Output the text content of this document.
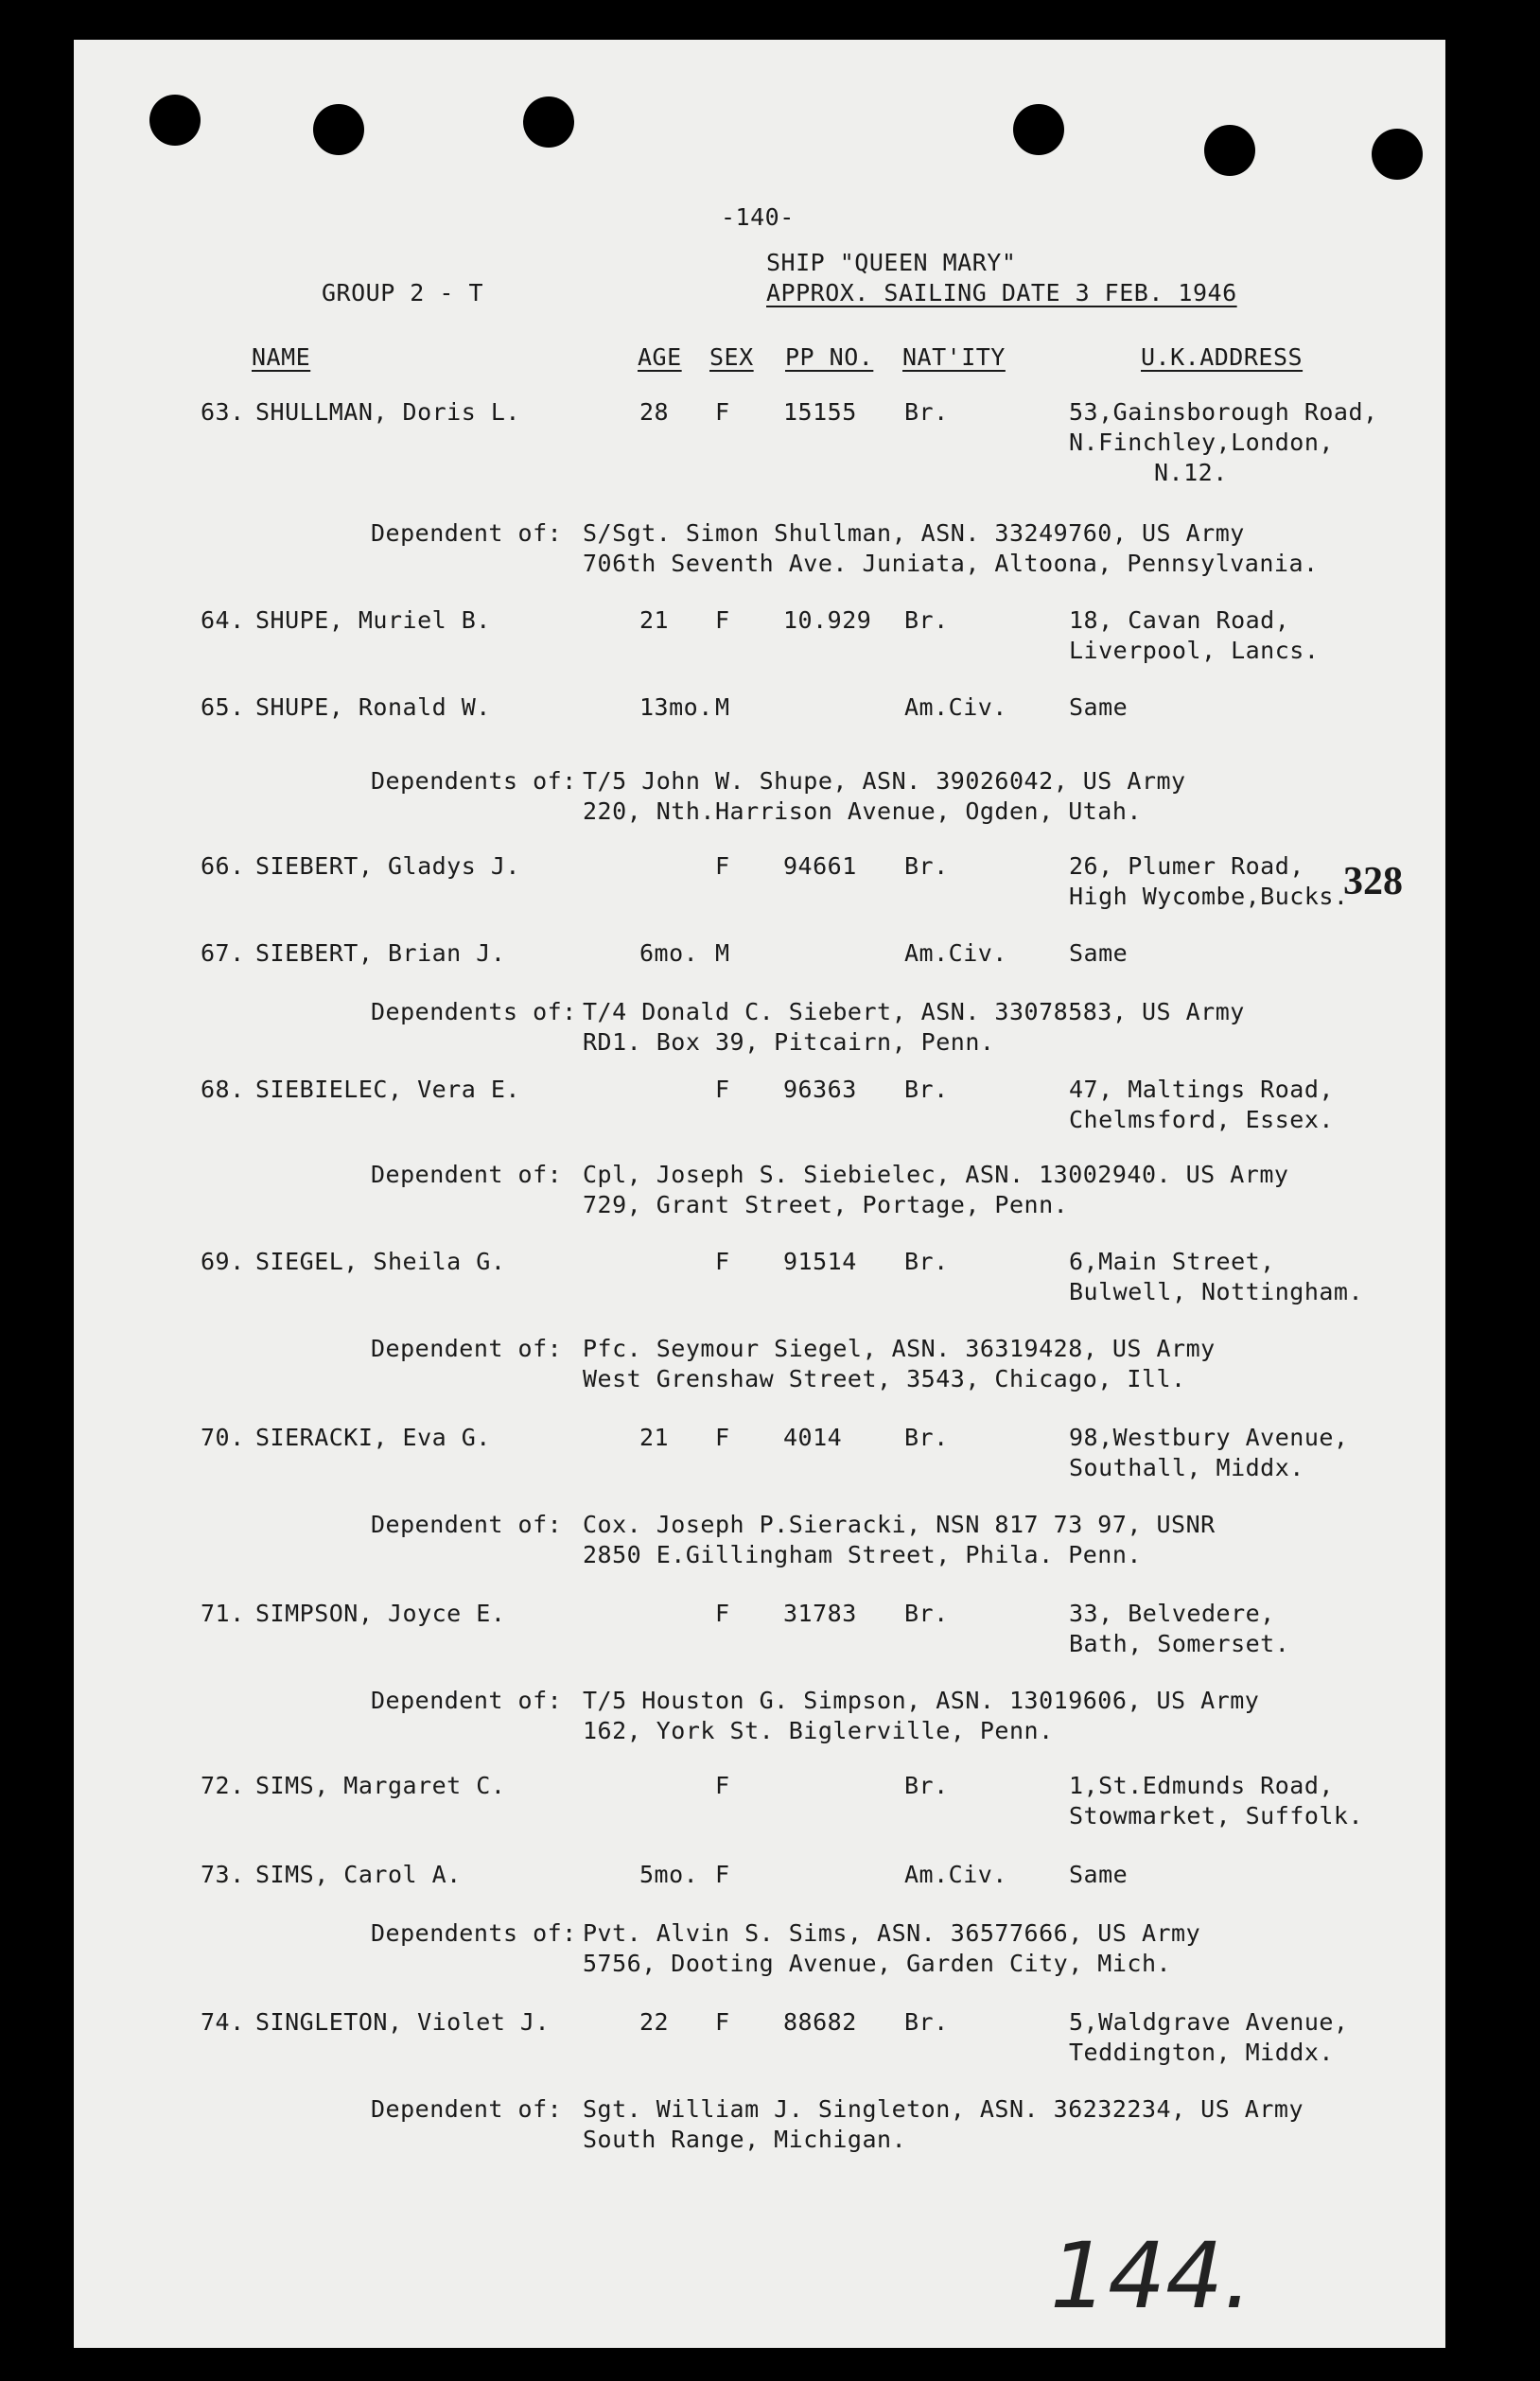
-140-
SHIP "QUEEN MARY"
GROUP 2 - T	APPROX. SAILING DATE 3 FEB. 1946
NAME	AGE SEX PP NO. NAT'ITY	U.K.ADDRESS
63. SHULLMAN, Doris L.	28 F 15155 Br.	53,Gainsborough Road,
N.Finchley,London,
N.12.
Dependent of: S/Sgt. Simon Shullman, ASN. 33249760, US Army
706th Seventh Ave. Juniata, Altoona, Pennsylvania.
64. SHUPE, Muriel B.	21 F 10.929 Br.	18, Cavan Road,
Liverpool, Lancs.
65. SHUPE, Ronald W.	13mo. M	Am.Civ.	Same
Dependents of: T/5 John W. Shupe, ASN. 39026042, US Army
220, Nth.Harrison Avenue, Ogden, Utah.
66. SIEBERT, Gladys J.	F 94661 Br.	26, Plumer Road,
High Wycombe,Bucks.
67. SIEBERT, Brian J.	6mo. M	Am.Civ.	Same
Dependents of: T/4 Donald C. Siebert, ASN. 33078583, US Army
RD1. Box 39, Pitcairn, Penn.
68. SIEBIELEC, Vera E.	F 96363 Br.	47, Maltings Road,
Chelmsford, Essex.
Dependent of: Cpl, Joseph S. Siebielec, ASN. 13002940. US Army
729, Grant Street, Portage, Penn.
69. SIEGEL, Sheila G.	F 91514 Br.	6,Main Street,
Bulwell, Nottingham.
Dependent of: Pfc. Seymour Siegel, ASN. 36319428, US Army
West Grenshaw Street, 3543, Chicago, Ill.
70. SIERACKI, Eva G.	21 F 4014	Br.	98,Westbury Avenue,
Southall, Middx.
Dependent of: Cox. Joseph P.Sieracki, NSN 817 73 97, USNR
2850 E.Gillingham Street, Phila. Penn.
71. SIMPSON, Joyce E.	F 31783 Br.	33, Belvedere,
Bath, Somerset.
Dependent of: T/5 Houston G. Simpson, ASN. 13019606, US Army
162, York St. Biglerville, Penn.
72. SIMS, Margaret C.	F	Br.	1,St.Edmunds Road,
Stowmarket, Suffolk.
73. SIMS, Carol A.	5mo. F	Am.Civ.	Same
Dependents of: Pvt. Alvin S. Sims, ASN. 36577666, US Army
5756, Dooting Avenue, Garden City, Mich.
74. SINGLETON, Violet J.	22 F 88682 Br.	5,Waldgrave Avenue,
Teddington, Middx.
Dependent of: Sgt. William J. Singleton, ASN. 36232234, US Army
South Range, Michigan.
328
144.
